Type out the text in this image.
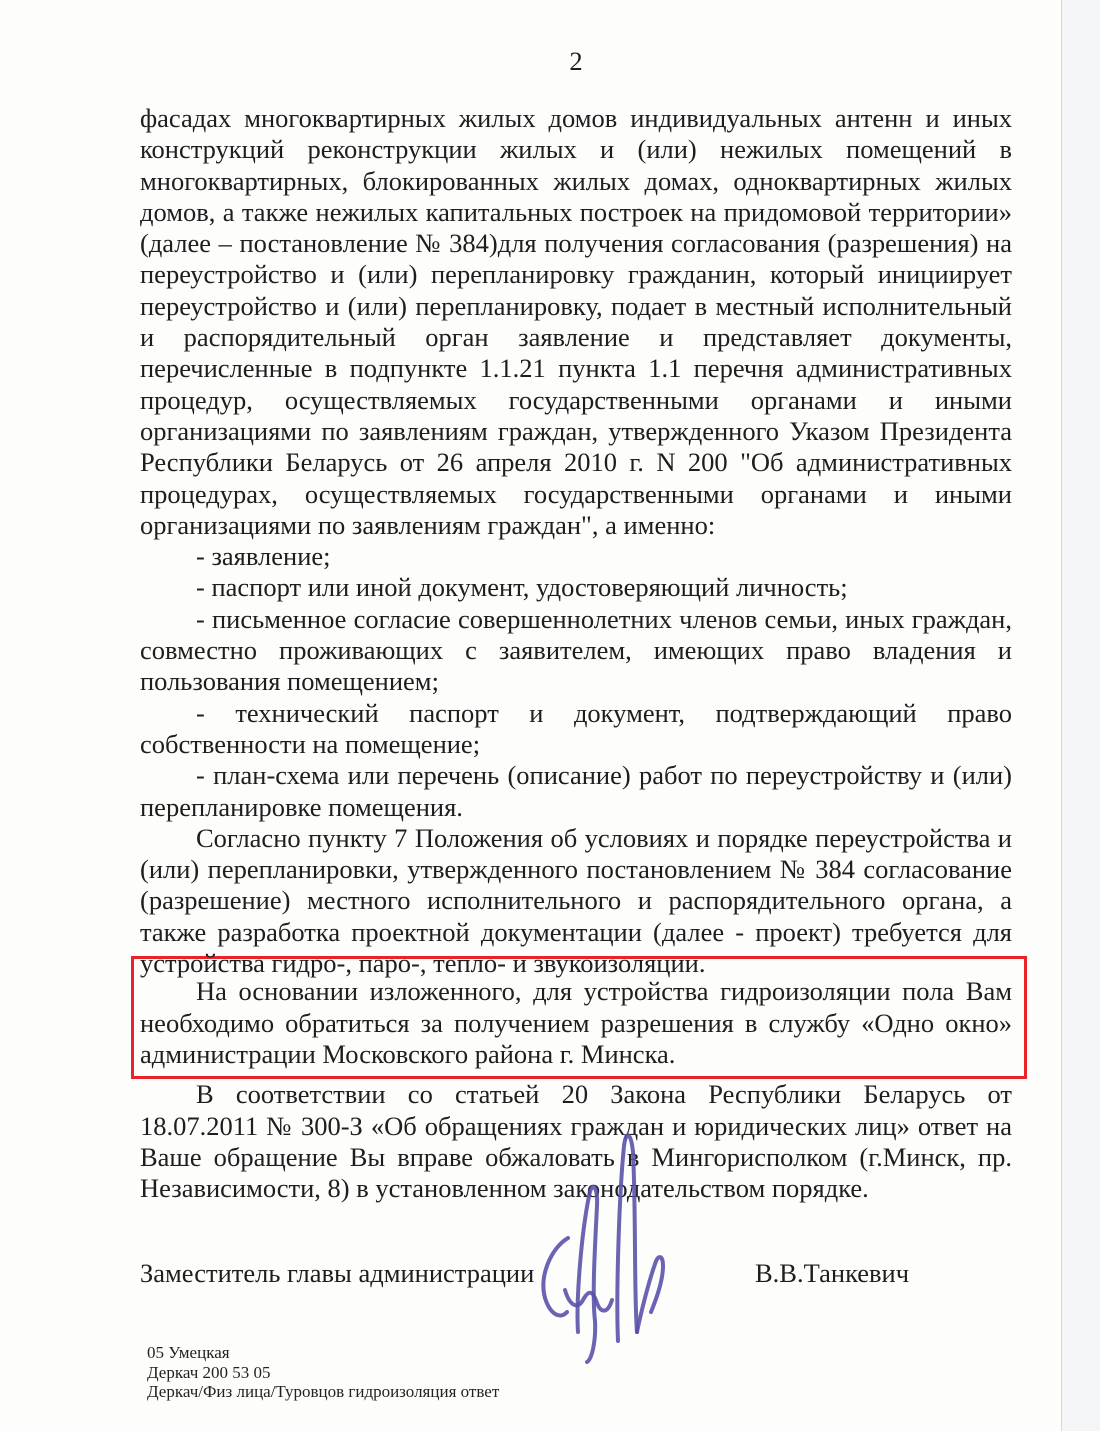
2

фасадах многоквартирных жилых домов индивидуальных антенн и иных конструкций реконструкции жилых и (или) нежилых помещений в многоквартирных, блокированных жилых домах, одноквартирных жилых домов, а также нежилых капитальных построек на придомовой территории» (далее – постановление № 384)для получения согласования (разрешения) на переустройство и (или) перепланировку гражданин, который инициирует переустройство и (или) перепланировку, подает в местный исполнительный и распорядительный орган заявление и представляет документы, перечисленные в подпункте 1.1.21 пункта 1.1 перечня административных процедур, осуществляемых государственными органами и иными организациями по заявлениям граждан, утвержденного Указом Президента Республики Беларусь от 26 апреля 2010 г. N 200 "Об административных процедурах, осуществляемых государственными органами и иными организациями по заявлениям граждан", а именно:

- заявление;

- паспорт или иной документ, удостоверяющий личность;

- письменное согласие совершеннолетних членов семьи, иных граждан, совместно проживающих с заявителем, имеющих право владения и пользования помещением;

- технический паспорт и документ, подтверждающий право собственности на помещение;

- план-схема или перечень (описание) работ по переустройству и (или) перепланировке помещения.

Согласно пункту 7 Положения об условиях и порядке переустройства и (или) перепланировки, утвержденного постановлением № 384 согласование (разрешение) местного исполнительного и распорядительного органа, а также разработка проектной документации (далее - проект) требуется для устройства гидро-, паро-, тепло- и звукоизоляции.

На основании изложенного, для устройства гидроизоляции пола Вам необходимо обратиться за получением разрешения в службу «Одно окно» администрации Московского района г. Минска.

В соответствии со статьей 20 Закона Республики Беларусь от 18.07.2011 № 300-З «Об обращениях граждан и юридических лиц» ответ на Ваше обращение Вы вправе обжаловать в Мингорисполком (г.Минск, пр. Независимости, 8) в установленном законодательством порядке.

Заместитель главы администрации	В.В.Танкевич
05 Умецкая
Деркач 200 53 05
Деркач/Физ лица/Туровцов гидроизоляция ответ
